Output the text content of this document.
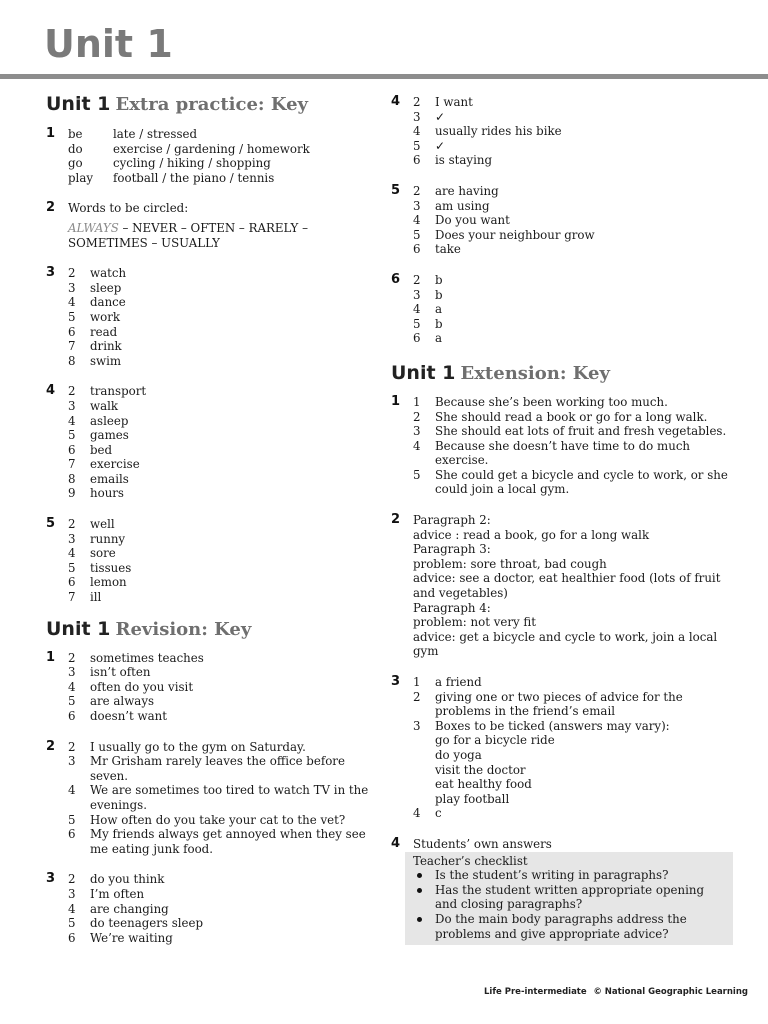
Unit 1
Unit 1 Extra practice: Key
1 be	late / stressed
do	exercise / gardening / homework
go	cycling / hiking / shopping
play	football / the piano / tennis
2 Words to be circled:
ALWAYS – NEVER – OFTEN – RARELY –
SOMETIMES – USUALLY
3 2	watch
3	sleep
4	dance
5	work
6	read
7	drink
8	swim
4 2	transport
3	walk
4	asleep
5	games
6	bed
7	exercise
8	emails
9	hours
5 2	well
3	runny
4	sore
5	tissues
6	lemon
7	ill
Unit 1 Revision: Key
1 2	sometimes teaches
3	isn’t often
4	often do you visit
5	are always
6	doesn’t want
2 2	I usually go to the gym on Saturday.
3	Mr Grisham rarely leaves the office before seven.
4	We are sometimes too tired to watch TV in the evenings.
5	How often do you take your cat to the vet?
6	My friends always get annoyed when they see me eating junk food.
3 2	do you think
3	I’m often
4	are changing
5	do teenagers sleep
6	We’re waiting
4 2	I want
3	✓
4	usually rides his bike
5	✓
6	is staying
5 2	are having
3	am using
4	Do you want
5	Does your neighbour grow
6	take
6 2	b
3	b
4	a
5	b
6	a
Unit 1 Extension: Key
1 1	Because she’s been working too much.
2	She should read a book or go for a long walk.
3	She should eat lots of fruit and fresh vegetables.
4	Because she doesn’t have time to do much exercise.
5	She could get a bicycle and cycle to work, or she could join a local gym.
2 Paragraph 2:
advice : read a book, go for a long walk
Paragraph 3:
problem: sore throat, bad cough
advice: see a doctor, eat healthier food (lots of fruit and vegetables)
Paragraph 4:
problem: not very fit
advice: get a bicycle and cycle to work, join a local gym
3 1	a friend
2	giving one or two pieces of advice for the problems in the friend’s email
3	Boxes to be ticked (answers may vary):
go for a bicycle ride
do yoga
visit the doctor
eat healthy food
play football
4	c
4 Students’ own answers
Teacher’s checklist
Is the student’s writing in paragraphs?
Has the student written appropriate opening and closing paragraphs?
Do the main body paragraphs address the problems and give appropriate advice?
Life Pre-intermediate © National Geographic Learning
